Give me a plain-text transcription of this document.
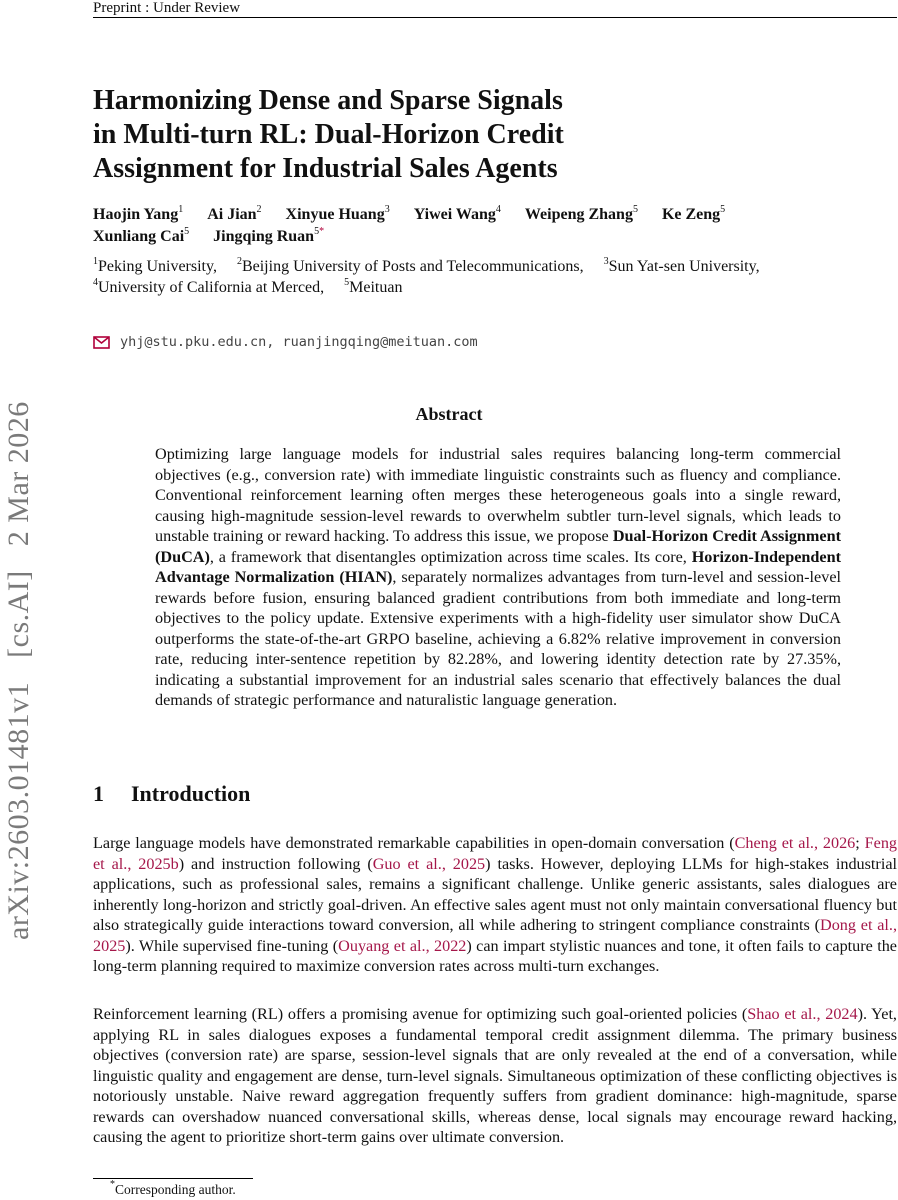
Preprint : Under Review
arXiv:2603.01481v1[cs.AI]2 Mar 2026
Harmonizing Dense and Sparse Signals
in Multi-turn RL: Dual-Horizon Credit
Assignment for Industrial Sales Agents
Haojin Yang$^1$ Ai Jian$^2$ Xinyue Huang$^3$ Yiwei Wang$^4$ Weipeng Zhang$^5$ Ke Zeng$^5$
Xunliang Cai$^5$ Jingqing Ruan$^{5*}$
$^1$Peking University, $^2$Beijing University of Posts and Telecommunications, $^3$Sun Yat-sen University,
$^4$University of California at Merced, $^5$Meituan
yhj@stu.pku.edu.cn, ruanjingqing@meituan.com
Abstract
Optimizing large language models for industrial sales requires balancing long-term commercial objectives (e.g., conversion rate) with immediate linguistic constraints such as fluency and compliance. Conventional reinforcement learning often merges these heterogeneous goals into a single reward, causing high-magnitude session-level rewards to overwhelm subtler turn-level signals, which leads to unstable training or reward hacking. To address this issue, we propose Dual-Horizon Credit Assignment (DuCA), a framework that disentangles optimization across time scales. Its core, Horizon-Independent Advantage Normalization (HIAN), separately normalizes advantages from turn-level and session-level rewards before fusion, ensuring balanced gradient contributions from both immediate and long-term objectives to the policy update. Extensive experiments with a high-fidelity user simulator show DuCA outperforms the state-of-the-art GRPO baseline, achieving a 6.82% relative improvement in conversion rate, reducing inter-sentence repetition by 82.28%, and lowering identity detection rate by 27.35%, indicating a substantial improvement for an industrial sales scenario that effectively balances the dual demands of strategic performance and naturalistic language generation.
1 Introduction
Large language models have demonstrated remarkable capabilities in open-domain conversation (Cheng et al., 2026; Feng et al., 2025b) and instruction following (Guo et al., 2025) tasks. However, deploying LLMs for high-stakes industrial applications, such as professional sales, remains a significant challenge. Unlike generic assistants, sales dialogues are inherently long-horizon and strictly goal-driven. An effective sales agent must not only maintain conversational fluency but also strategically guide interactions toward conversion, all while adhering to stringent compliance constraints (Dong et al., 2025). While supervised fine-tuning (Ouyang et al., 2022) can impart stylistic nuances and tone, it often fails to capture the long-term planning required to maximize conversion rates across multi-turn exchanges.
Reinforcement learning (RL) offers a promising avenue for optimizing such goal-oriented policies (Shao et al., 2024). Yet, applying RL in sales dialogues exposes a fundamental temporal credit assignment dilemma. The primary business objectives (conversion rate) are sparse, session-level signals that are only revealed at the end of a conversation, while linguistic quality and engagement are dense, turn-level signals. Simultaneous optimization of these conflicting objectives is notoriously unstable. Naive reward aggregation frequently suffers from gradient dominance: high-magnitude, sparse rewards can overshadow nuanced conversational skills, whereas dense, local signals may encourage reward hacking, causing the agent to prioritize short-term gains over ultimate conversion.
*Corresponding author.
